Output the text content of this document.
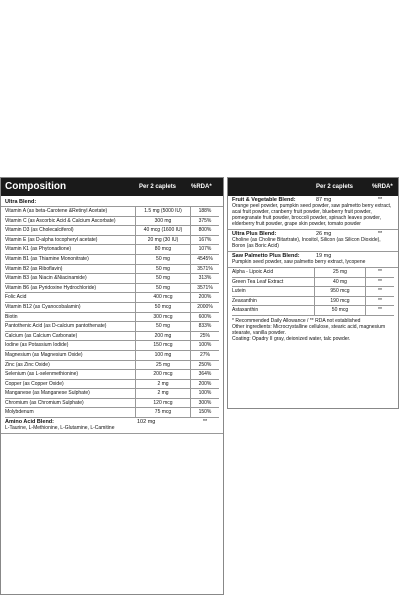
Composition	Per 2 caplets %RDA*
Ultra Blend:
Vitamin A (as beta-Carotene &Retinyl Acetate)	1.5 mg (5000 IU)	188%
Vitamin C (as Ascorbic Acid & Calcium Ascorbate)	300 mg	375%
Vitamin D3 (as Cholecalciferol)	40 mcg (1600 IU)	800%
Vitamin E (as D-alpha tocopheryl acetate)	20 mg (30 IU)	167%
Vitamin K1 (as Phytonadione)	80 mcg	107%
Vitamin B1 (as Thiamine Mononitrate)	50 mg	4545%
Vitamin B2 (as Riboflavin)	50 mg	3571%
Vitamin B3 (as Niacin &Niacinamide)	50 mg	313%
Vitamin B6 (as Pyridoxine Hydrochloride)	50 mg	3571%
Folic Acid	400 mcg	200%
Vitamin B12 (as Cyanocobalamin)	50 mcg	2000%
Biotin	300 mcg	600%
Pantothenic Acid (as D-calcium pantothenate)	50 mg	833%
Calcium (as Calcium Carbonate)	200 mg	25%
Iodine (as Potassium Iodide)	150 mcg	100%
Magnesium (as Magnesium Oxide)	100 mg	27%
Zinc (as Zinc Oxide)	25 mg	250%
Selenium (as L-selenmethionine)	200 mcg	364%
Copper (as Copper Oxide)	2 mg	200%
Manganese (as Manganese Sulphate)	2 mg	100%
Chromium (as Chromium Sulphate)	120 mcg	300%
Molybdenum	75 mcg	150%
Amino Acid Blend:	102 mg	**
L-Taurine, L-Methionine, L-Glutamine, L-Camitine
Per 2 caplets	%RDA*
Fruit & Vegetable Blend:	87 mg	**
Orange peel powder, pumpkin seed powder, saw palmetto berry extract, acai fruit powder, cranberry fruit powder, blueberry fruit powder, pomegranate fruit powder, broccoli powder, spinach leaves powder, elderberry fruit powder, grape skin powder, tomato powder
Ultra Plus Blend:	26 mg	**
Choline (as Choline Bitartrate), Inositol, Silicon (as Silicon Dioxide), Boron (as Boric Acid)
Saw Palmetto Plus Blend:	19 mg
Pumpkin seed powder, saw palmetto berry extract, lycopene
Alpha - Lipoic Acid	25 mg	**
Green Tea Leaf Extract	40 mg	**
Lutein	950 mcg	**
Zeaxanthin	190 mcg	**
Astaxanthin	50 mcg	**
* Recommended Daily Allowance / ** RDA not established
Other ingredients: Microcrystalline cellulose, stearic acid, magnesium stearate, vanilla powder.
Coating: Opadry II gray, deionized water, talc powder.
